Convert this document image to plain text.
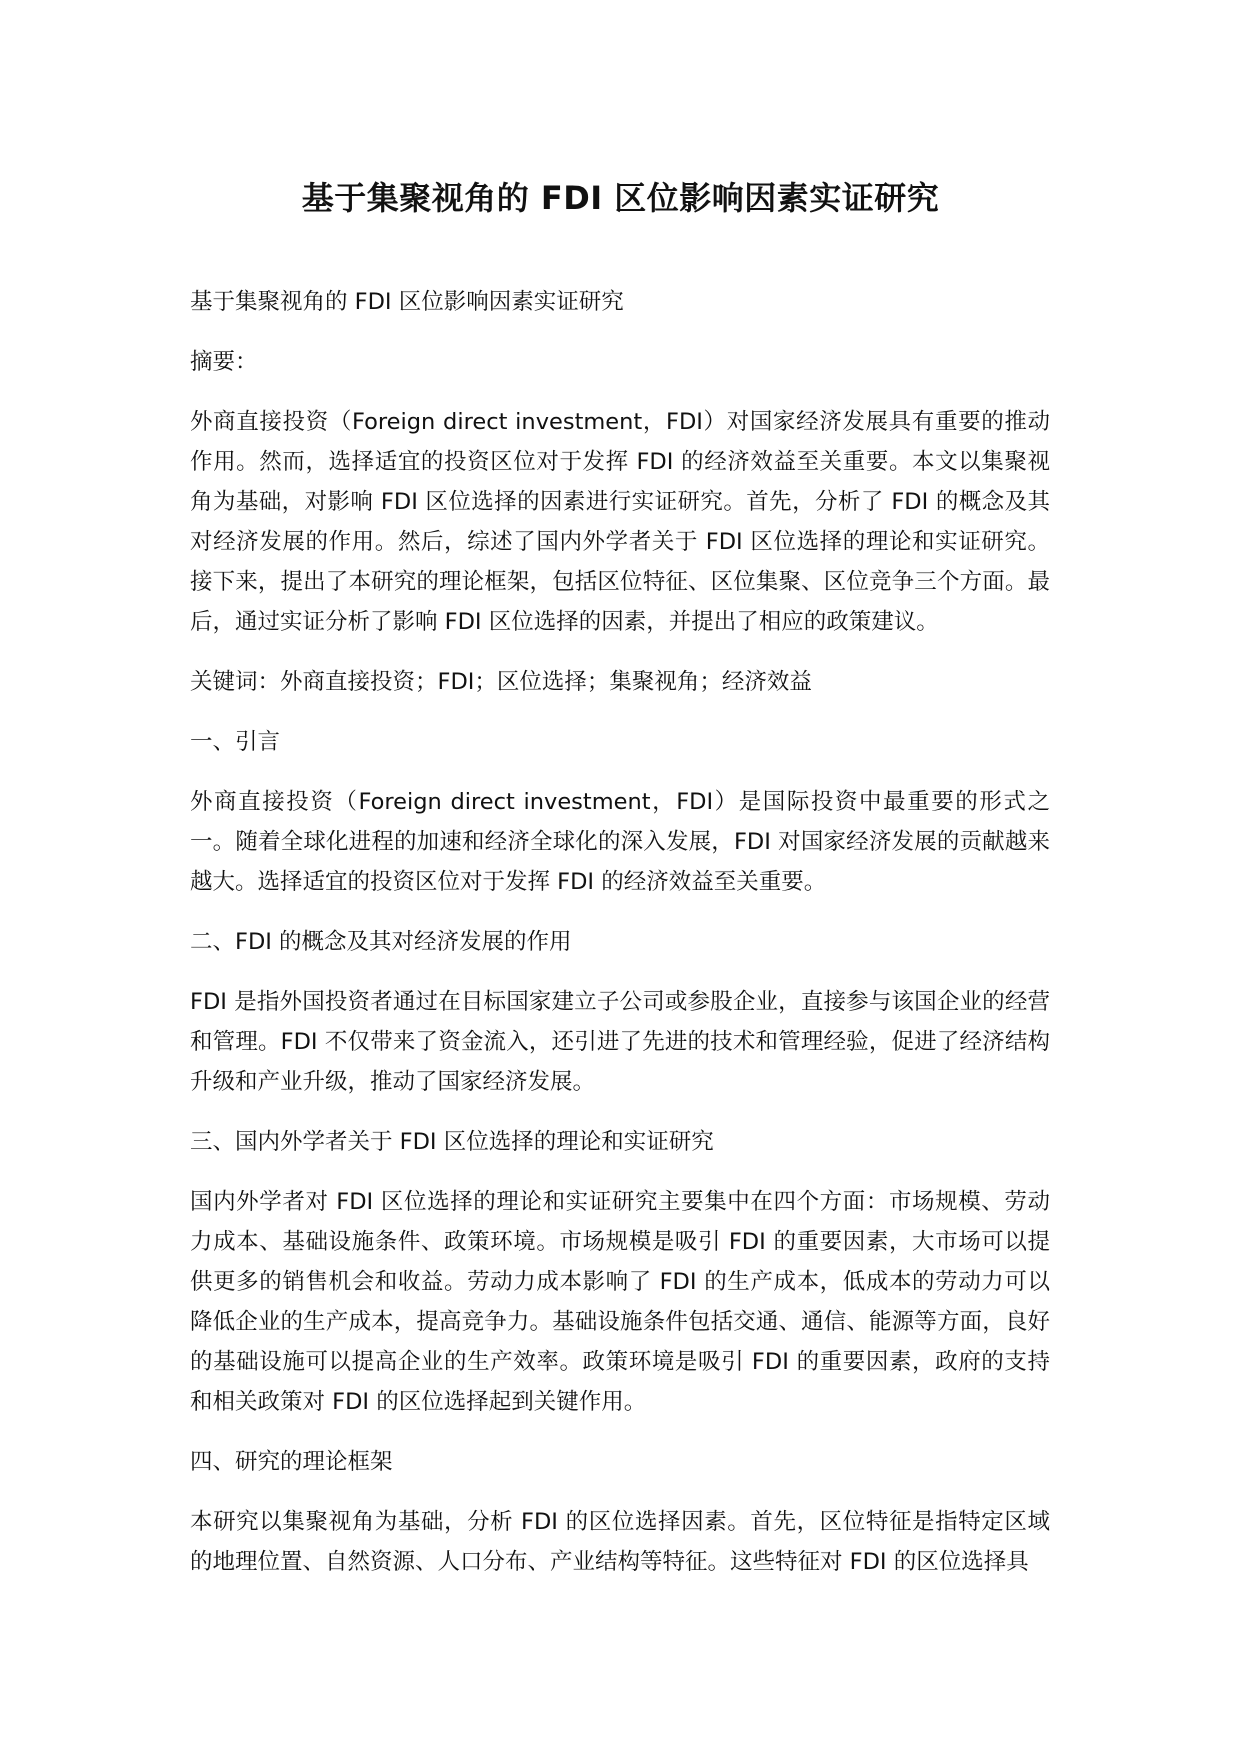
基于集聚视角的 FDI 区位影响因素实证研究

基于集聚视角的 FDI 区位影响因素实证研究

摘要：

外商直接投资（Foreign direct investment，FDI）对国家经济发展具有重要的推动作用。然而，选择适宜的投资区位对于发挥 FDI 的经济效益至关重要。本文以集聚视角为基础，对影响 FDI 区位选择的因素进行实证研究。首先，分析了 FDI 的概念及其对经济发展的作用。然后，综述了国内外学者关于 FDI 区位选择的理论和实证研究。接下来，提出了本研究的理论框架，包括区位特征、区位集聚、区位竞争三个方面。最后，通过实证分析了影响 FDI 区位选择的因素，并提出了相应的政策建议。

关键词：外商直接投资；FDI；区位选择；集聚视角；经济效益

一、引言

外商直接投资（Foreign direct investment，FDI）是国际投资中最重要的形式之一。随着全球化进程的加速和经济全球化的深入发展，FDI 对国家经济发展的贡献越来越大。选择适宜的投资区位对于发挥 FDI 的经济效益至关重要。

二、FDI 的概念及其对经济发展的作用

FDI 是指外国投资者通过在目标国家建立子公司或参股企业，直接参与该国企业的经营和管理。FDI 不仅带来了资金流入，还引进了先进的技术和管理经验，促进了经济结构升级和产业升级，推动了国家经济发展。

三、国内外学者关于 FDI 区位选择的理论和实证研究

国内外学者对 FDI 区位选择的理论和实证研究主要集中在四个方面：市场规模、劳动力成本、基础设施条件、政策环境。市场规模是吸引 FDI 的重要因素，大市场可以提供更多的销售机会和收益。劳动力成本影响了 FDI 的生产成本，低成本的劳动力可以降低企业的生产成本，提高竞争力。基础设施条件包括交通、通信、能源等方面，良好的基础设施可以提高企业的生产效率。政策环境是吸引 FDI 的重要因素，政府的支持和相关政策对 FDI 的区位选择起到关键作用。

四、研究的理论框架

本研究以集聚视角为基础，分析 FDI 的区位选择因素。首先，区位特征是指特定区域的地理位置、自然资源、人口分布、产业结构等特征。这些特征对 FDI 的区位选择具
